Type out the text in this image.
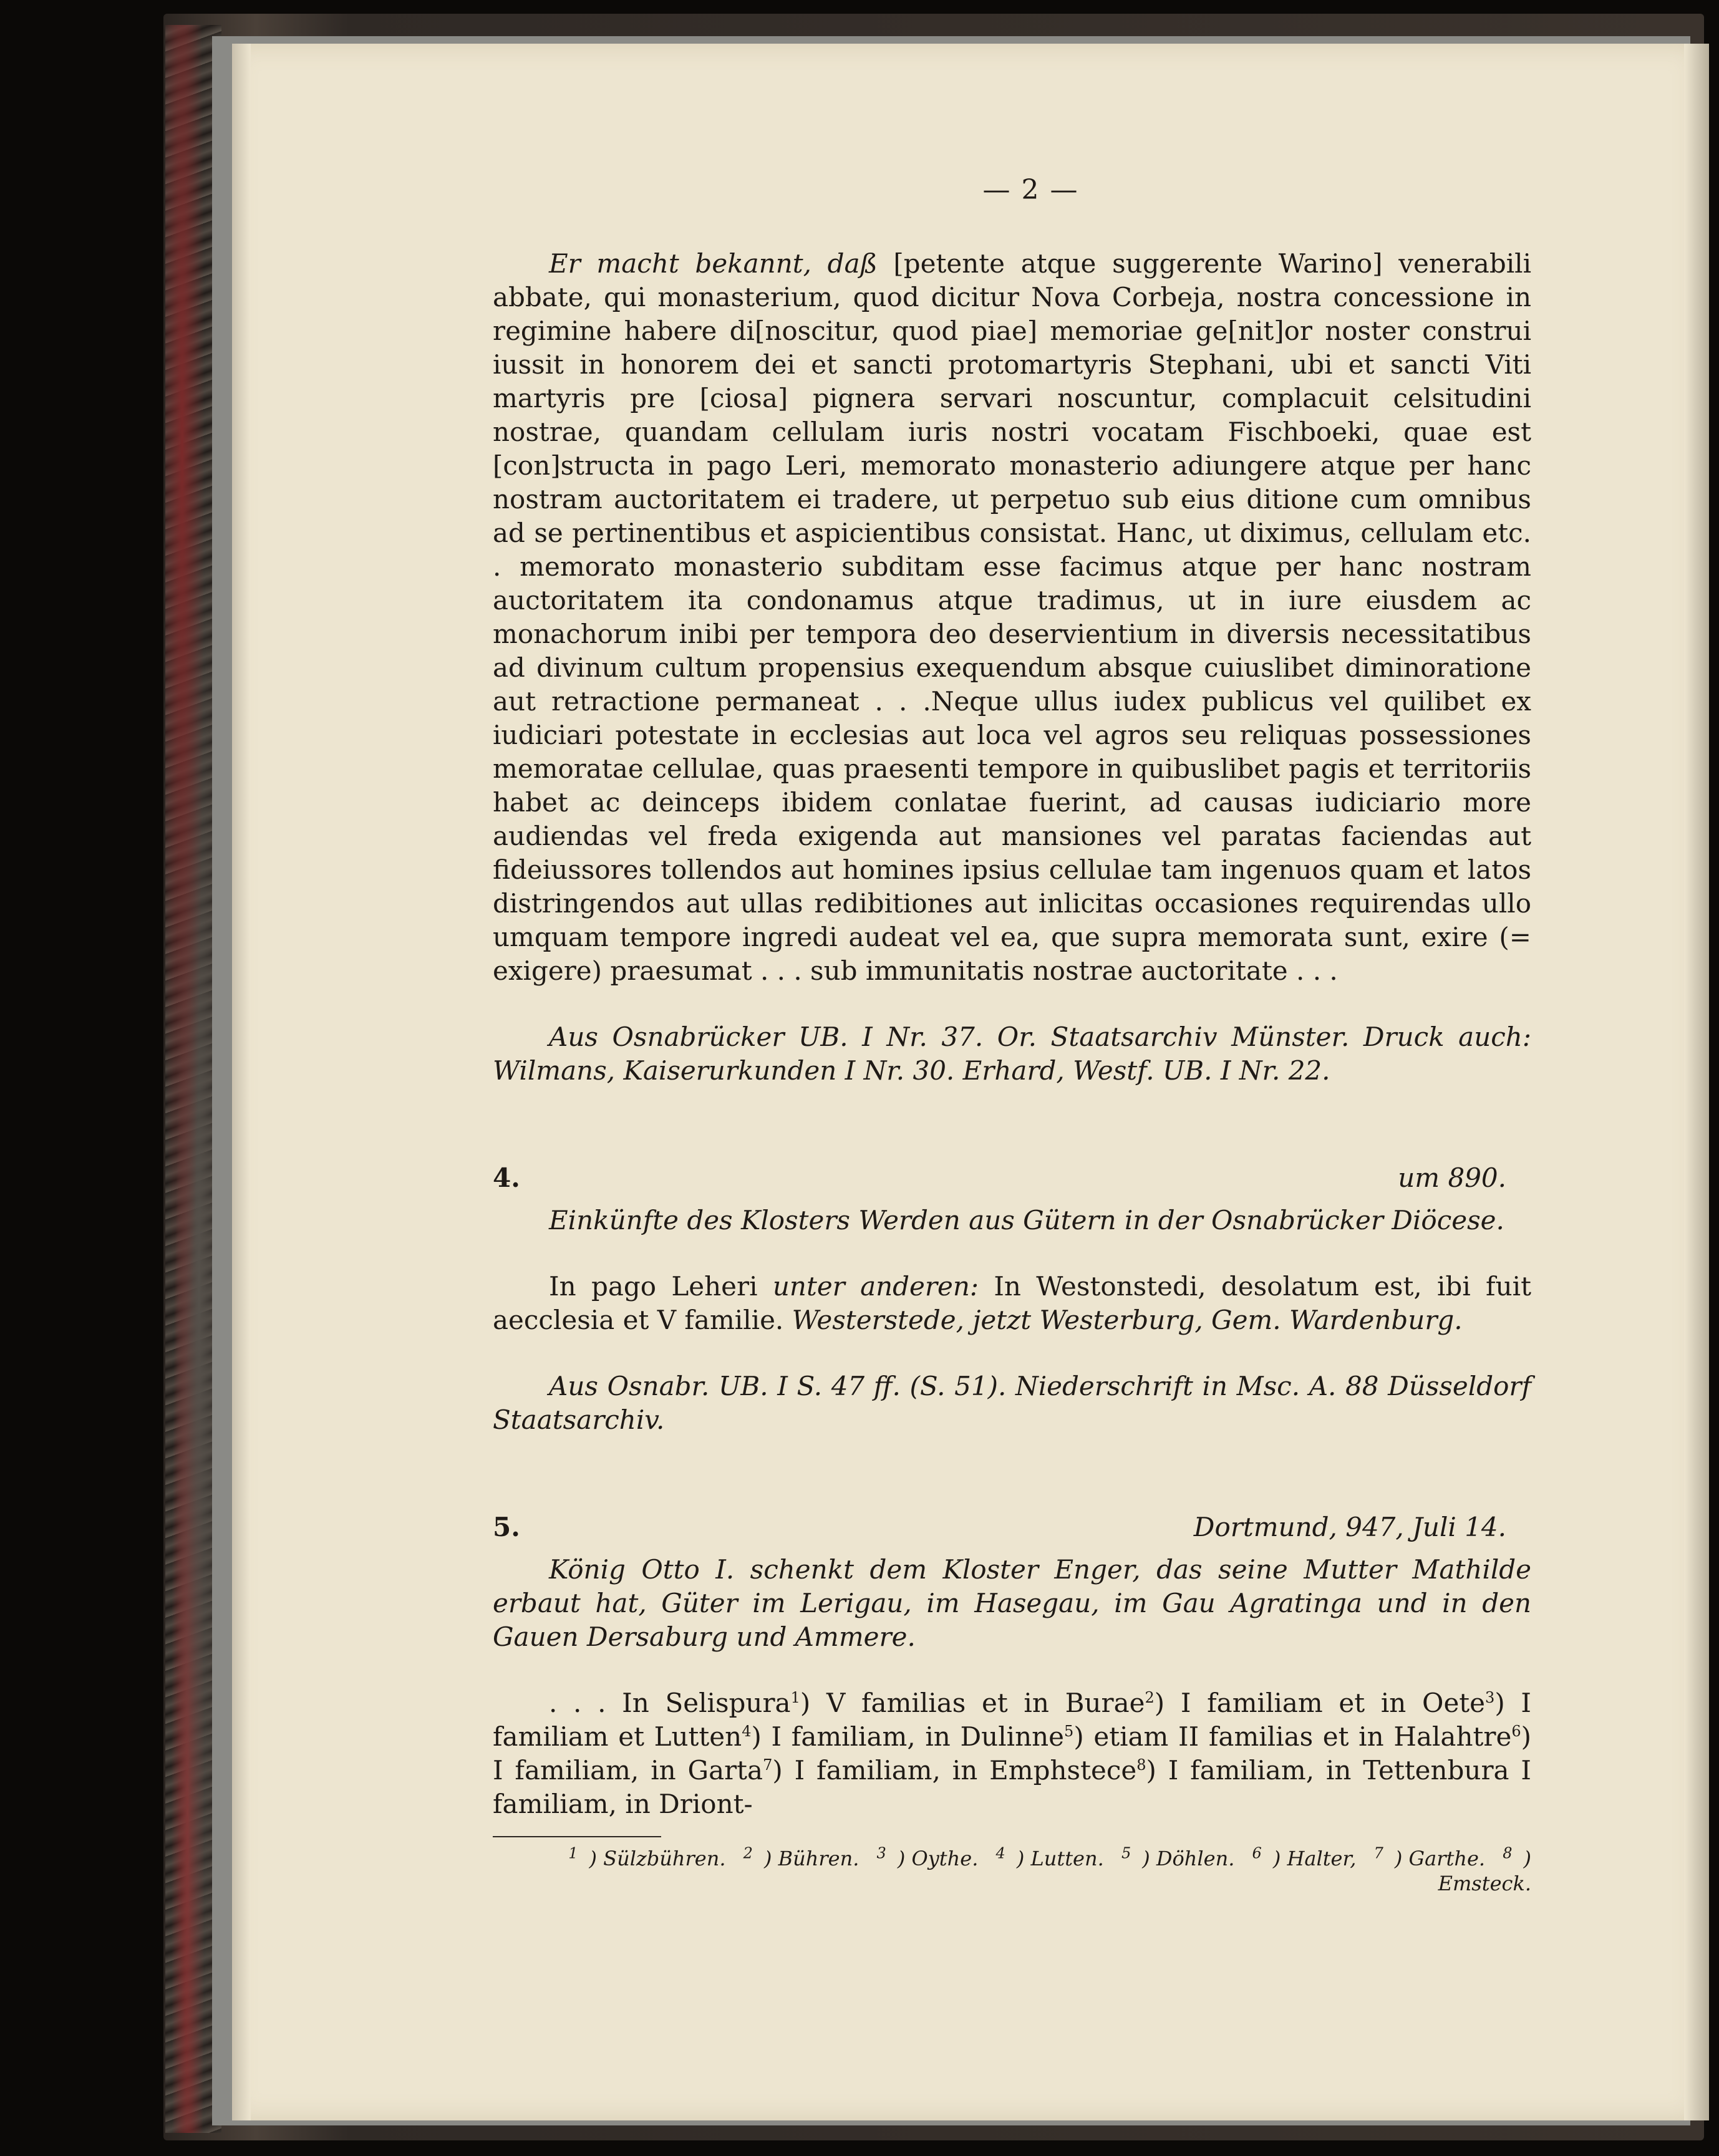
— 2 —

Er macht bekannt, daß [petente atque suggerente Warino] venerabili abbate, qui monasterium, quod dicitur Nova Corbeja, nostra concessione in regimine habere di[noscitur, quod piae] memoriae ge[nit]or noster construi iussit in honorem dei et sancti protomartyris Stephani, ubi et sancti Viti martyris pre [ciosa] pignera servari noscuntur, complacuit celsitudini nostrae, quandam cellulam iuris nostri vocatam Fischboeki, quae est [con]structa in pago Leri, memorato monasterio adiungere atque per hanc nostram auctoritatem ei tradere, ut perpetuo sub eius ditione cum omnibus ad se pertinentibus et aspicientibus consistat. Hanc, ut diximus, cellulam etc. . memorato monasterio subditam esse facimus atque per hanc nostram auctoritatem ita condonamus atque tradimus, ut in iure eiusdem ac monachorum inibi per tempora deo deservientium in diversis necessitatibus ad divinum cultum propensius exequendum absque cuiuslibet diminoratione aut retractione permaneat . . .Neque ullus iudex publicus vel quilibet ex iudiciari potestate in ecclesias aut loca vel agros seu reliquas possessiones memoratae cellulae, quas praesenti tempore in quibuslibet pagis et territoriis habet ac deinceps ibidem conlatae fuerint, ad causas iudiciario more audiendas vel freda exigenda aut mansiones vel paratas faciendas aut fideiussores tollendos aut homines ipsius cellulae tam ingenuos quam et latos distringendos aut ullas redibitiones aut inlicitas occasiones requirendas ullo umquam tempore ingredi audeat vel ea, que supra memorata sunt, exire (= exigere) praesumat . . . sub immunitatis nostrae auctoritate . . .

Aus Osnabrücker UB. I Nr. 37. Or. Staatsarchiv Münster. Druck auch: Wilmans, Kaiserurkunden I Nr. 30. Erhard, Westf. UB. I Nr. 22.

4.	um 890.

Einkünfte des Klosters Werden aus Gütern in der Osnabrücker Diöcese.

In pago Leheri unter anderen: In Westonstedi, desolatum est, ibi fuit aecclesia et V familie. Westerstede, jetzt Westerburg, Gem. Wardenburg.

Aus Osnabr. UB. I S. 47 ff. (S. 51). Niederschrift in Msc. A. 88 Düsseldorf Staatsarchiv.

5.	Dortmund, 947, Juli 14.

König Otto I. schenkt dem Kloster Enger, das seine Mutter Mathilde erbaut hat, Güter im Lerigau, im Hasegau, im Gau Agratinga und in den Gauen Dersaburg und Ammere.

. . . In Selispura$^1$) V familias et in Burae$^2$) I familiam et in Oete$^3$) I familiam et Lutten$^4$) I familiam, in Dulinne$^5$) etiam II familias et in Halahtre$^6$) I familiam, in Garta$^7$) I familiam, in Emphstece$^8$) I familiam, in Tettenbura I familiam, in Driont-

$^1$ ) Sülzbühren. $^2$ ) Bühren. $^3$ ) Oythe. $^4$ ) Lutten. $^5$ ) Döhlen. $^6$ ) Halter, $^7$ ) Garthe. $^8$ ) Emsteck.
